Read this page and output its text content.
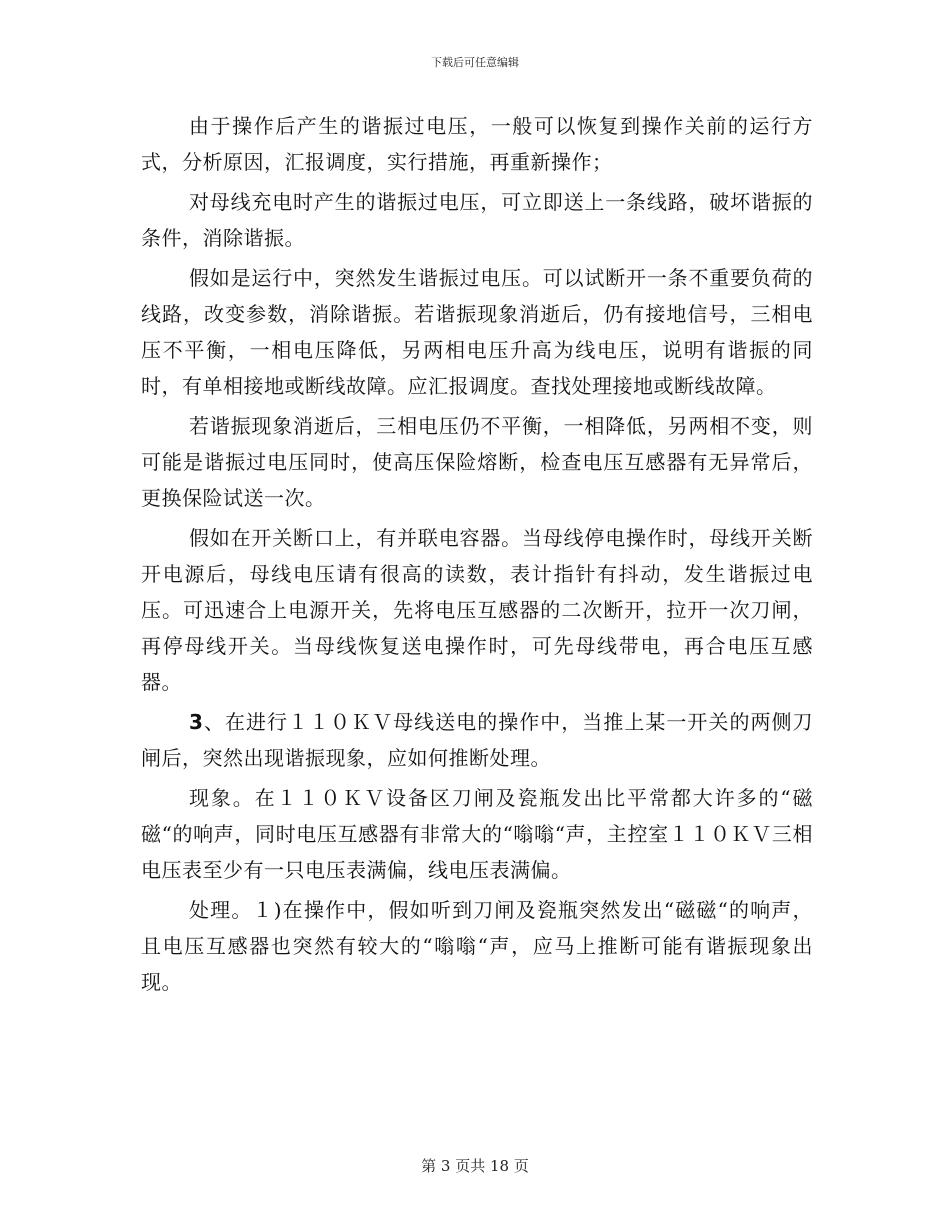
下载后可任意编辑

由于操作后产生的谐振过电压，一般可以恢复到操作关前的运行方式，分析原因，汇报调度，实行措施，再重新操作；

对母线充电时产生的谐振过电压，可立即送上一条线路，破坏谐振的条件，消除谐振。

假如是运行中，突然发生谐振过电压。可以试断开一条不重要负荷的线路，改变参数，消除谐振。若谐振现象消逝后，仍有接地信号，三相电压不平衡，一相电压降低，另两相电压升高为线电压，说明有谐振的同时，有单相接地或断线故障。应汇报调度。查找处理接地或断线故障。

若谐振现象消逝后，三相电压仍不平衡，一相降低，另两相不变，则可能是谐振过电压同时，使高压保险熔断，检查电压互感器有无异常后，更换保险试送一次。

假如在开关断口上，有并联电容器。当母线停电操作时，母线开关断开电源后，母线电压请有很高的读数，表计指针有抖动，发生谐振过电压。可迅速合上电源开关，先将电压互感器的二次断开，拉开一次刀闸，再停母线开关。当母线恢复送电操作时，可先母线带电，再合电压互感器。

3、在进行１１０ＫＶ母线送电的操作中，当推上某一开关的两侧刀闸后，突然出现谐振现象，应如何推断处理。

现象。在１１０ＫＶ设备区刀闸及瓷瓶发出比平常都大许多的“磁磁“的响声，同时电压互感器有非常大的“嗡嗡“声，主控室１１０ＫＶ三相电压表至少有一只电压表满偏，线电压表满偏。

处理。１)在操作中，假如听到刀闸及瓷瓶突然发出“磁磁“的响声，且电压互感器也突然有较大的“嗡嗡“声，应马上推断可能有谐振现象出现。

第 3 页共 18 页
